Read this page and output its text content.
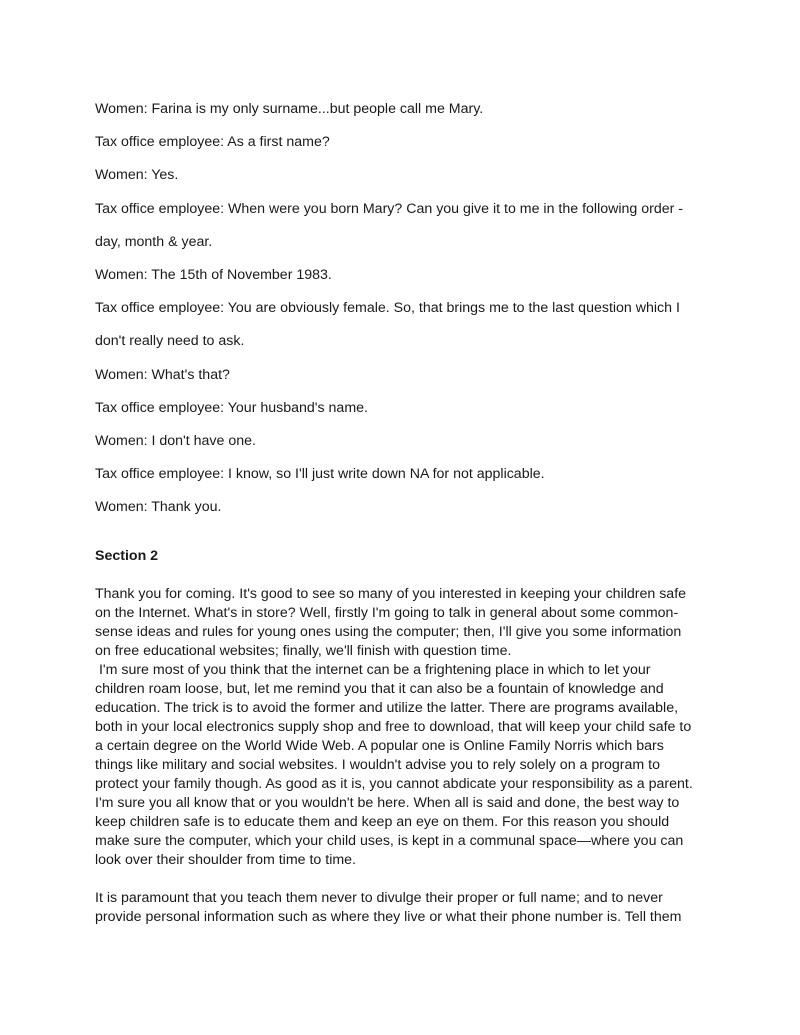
Women: Farina is my only surname...but people call me Mary.

Tax office employee: As a first name?

Women: Yes.

Tax office employee: When were you born Mary? Can you give it to me in the following order -

day, month & year.

Women: The 15th of November 1983.

Tax office employee: You are obviously female. So, that brings me to the last question which I

don't really need to ask.

Women: What's that?

Tax office employee: Your husband's name.

Women: I don't have one.

Tax office employee: I know, so I'll just write down NA for not applicable.

Women: Thank you.

Section 2

Thank you for coming. It's good to see so many of you interested in keeping your children safe
on the Internet. What's in store? Well, firstly I'm going to talk in general about some common-
sense ideas and rules for young ones using the computer; then, I'll give you some information
on free educational websites; finally, we'll finish with question time.

I'm sure most of you think that the internet can be a frightening place in which to let your
children roam loose, but, let me remind you that it can also be a fountain of knowledge and
education. The trick is to avoid the former and utilize the latter. There are programs available,
both in your local electronics supply shop and free to download, that will keep your child safe to
a certain degree on the World Wide Web. A popular one is Online Family Norris which bars
things like military and social websites. I wouldn't advise you to rely solely on a program to
protect your family though. As good as it is, you cannot abdicate your responsibility as a parent.
I'm sure you all know that or you wouldn't be here. When all is said and done, the best way to
keep children safe is to educate them and keep an eye on them. For this reason you should
make sure the computer, which your child uses, is kept in a communal space—where you can
look over their shoulder from time to time.

It is paramount that you teach them never to divulge their proper or full name; and to never
provide personal information such as where they live or what their phone number is. Tell them
